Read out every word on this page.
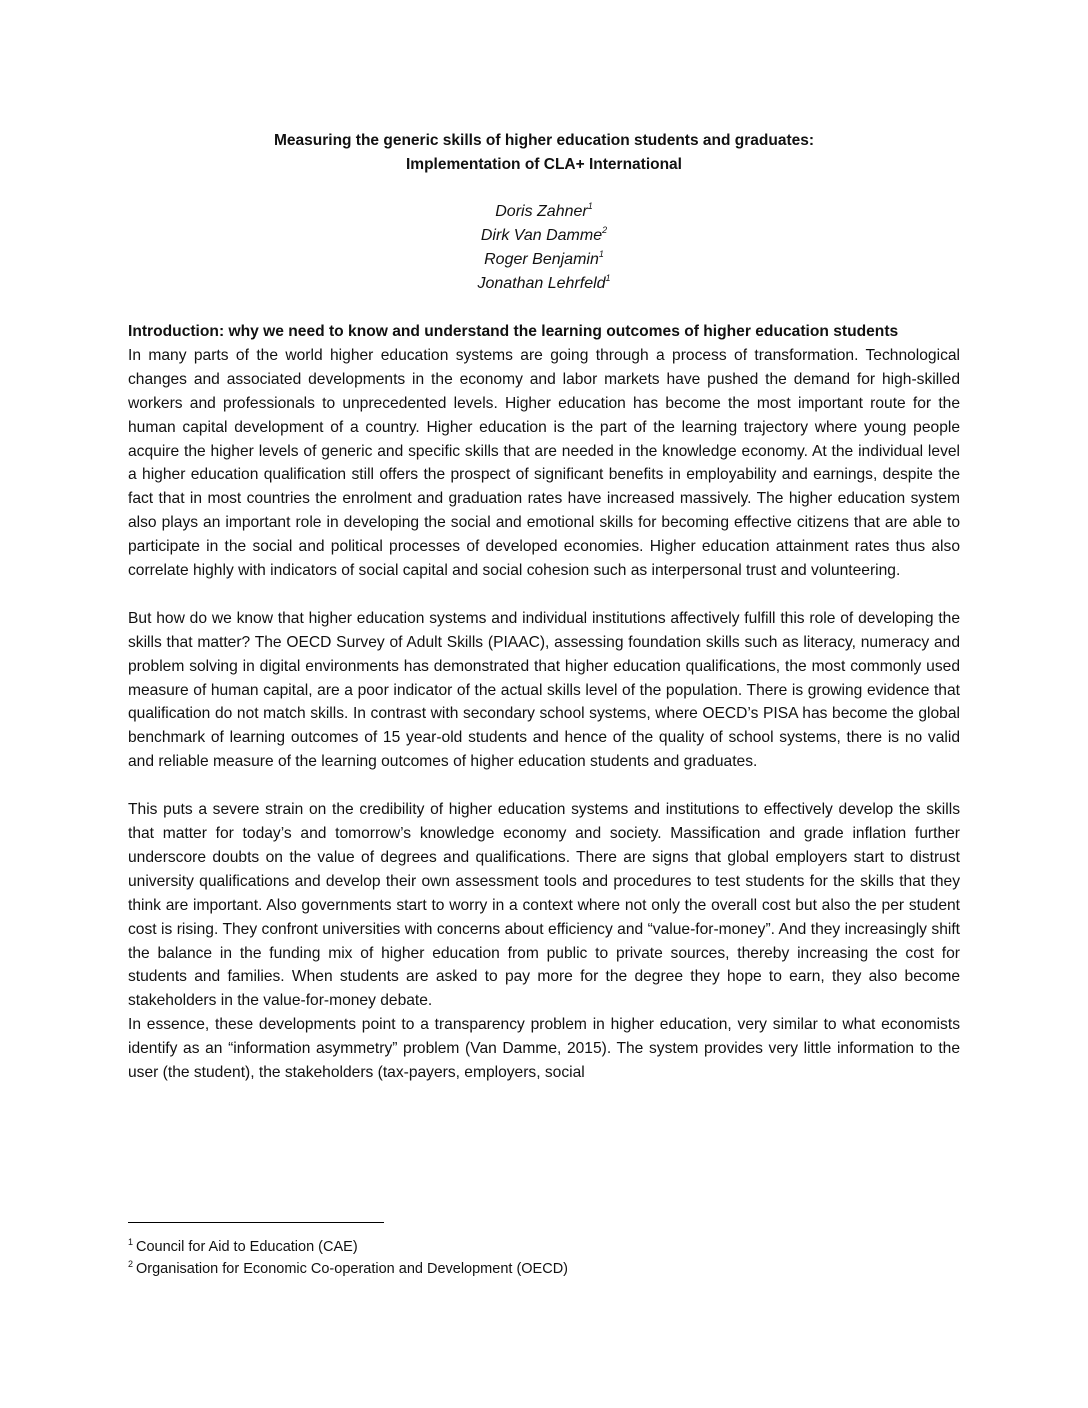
Measuring the generic skills of higher education students and graduates:
Implementation of CLA+ International
Doris Zahner$^1$
Dirk Van Damme$^2$
Roger Benjamin$^1$
Jonathan Lehrfeld$^1$

Introduction: why we need to know and understand the learning outcomes of higher education students

In many parts of the world higher education systems are going through a process of transformation. Technological changes and associated developments in the economy and labor markets have pushed the demand for high-skilled workers and professionals to unprecedented levels. Higher education has become the most important route for the human capital development of a country. Higher education is the part of the learning trajectory where young people acquire the higher levels of generic and specific skills that are needed in the knowledge economy. At the individual level a higher education qualification still offers the prospect of significant benefits in employability and earnings, despite the fact that in most countries the enrolment and graduation rates have increased massively. The higher education system also plays an important role in developing the social and emotional skills for becoming effective citizens that are able to participate in the social and political processes of developed economies. Higher education attainment rates thus also correlate highly with indicators of social capital and social cohesion such as interpersonal trust and volunteering.

But how do we know that higher education systems and individual institutions affectively fulfill this role of developing the skills that matter? The OECD Survey of Adult Skills (PIAAC), assessing foundation skills such as literacy, numeracy and problem solving in digital environments has demonstrated that higher education qualifications, the most commonly used measure of human capital, are a poor indicator of the actual skills level of the population. There is growing evidence that qualification do not match skills. In contrast with secondary school systems, where OECD’s PISA has become the global benchmark of learning outcomes of 15 year-old students and hence of the quality of school systems, there is no valid and reliable measure of the learning outcomes of higher education students and graduates.

This puts a severe strain on the credibility of higher education systems and institutions to effectively develop the skills that matter for today’s and tomorrow’s knowledge economy and society. Massification and grade inflation further underscore doubts on the value of degrees and qualifications. There are signs that global employers start to distrust university qualifications and develop their own assessment tools and procedures to test students for the skills that they think are important. Also governments start to worry in a context where not only the overall cost but also the per student cost is rising. They confront universities with concerns about efficiency and “value-for-money”. And they increasingly shift the balance in the funding mix of higher education from public to private sources, thereby increasing the cost for students and families. When students are asked to pay more for the degree they hope to earn, they also become stakeholders in the value-for-money debate.

In essence, these developments point to a transparency problem in higher education, very similar to what economists identify as an “information asymmetry” problem (Van Damme, 2015). The system provides very little information to the user (the student), the stakeholders (tax-payers, employers, social

$^1$ Council for Aid to Education (CAE)
$^2$ Organisation for Economic Co-operation and Development (OECD)
